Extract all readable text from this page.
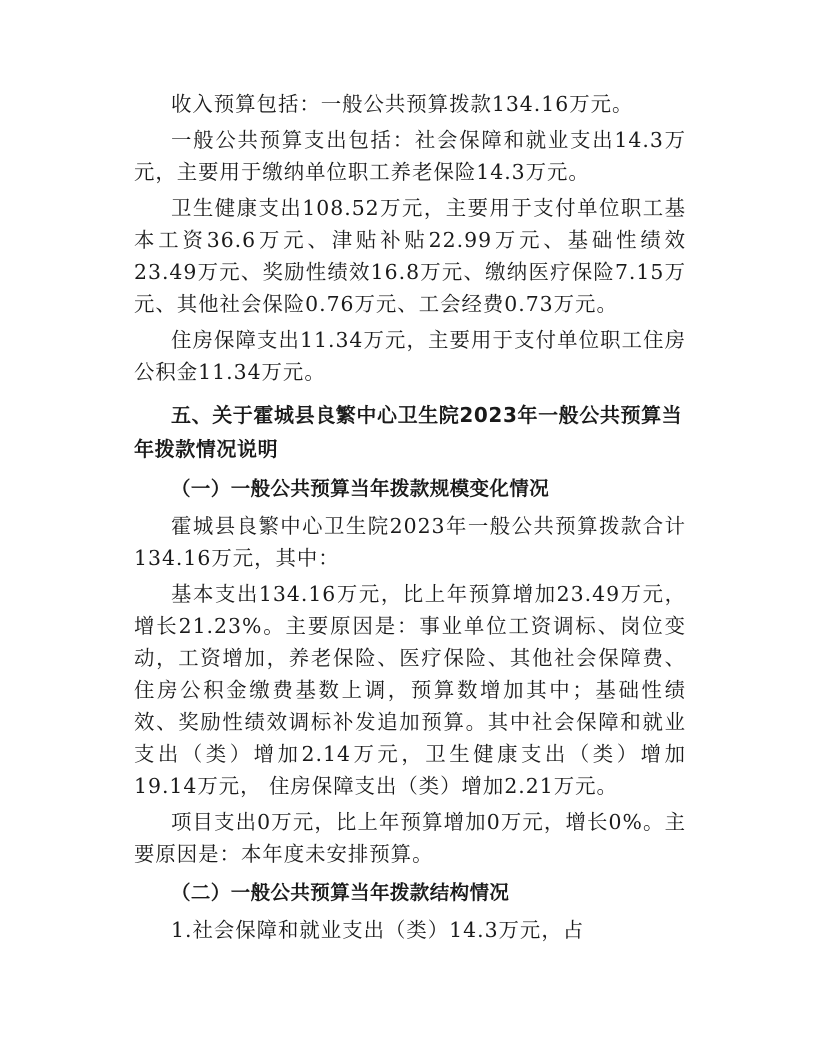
收入预算包括：一般公共预算拨款134.16万元。

一般公共预算支出包括：社会保障和就业支出14.3万元，主要用于缴纳单位职工养老保险14.3万元。

卫生健康支出108.52万元，主要用于支付单位职工基本工资36.6万元、津贴补贴22.99万元、基础性绩效23.49万元、奖励性绩效16.8万元、缴纳医疗保险7.15万元、其他社会保险0.76万元、工会经费0.73万元。

住房保障支出11.34万元，主要用于支付单位职工住房公积金11.34万元。

五、关于霍城县良繁中心卫生院2023年一般公共预算当年拨款情况说明
（一）一般公共预算当年拨款规模变化情况

霍城县良繁中心卫生院2023年一般公共预算拨款合计134.16万元，其中：

基本支出134.16万元，比上年预算增加23.49万元，增长21.23%。主要原因是：事业单位工资调标、岗位变动，工资增加，养老保险、医疗保险、其他社会保障费、住房公积金缴费基数上调，预算数增加其中；基础性绩效、奖励性绩效调标补发追加预算。其中社会保障和就业支出（类）增加2.14万元，卫生健康支出（类）增加19.14万元， 住房保障支出（类）增加2.21万元。

项目支出0万元，比上年预算增加0万元，增长0%。主要原因是：本年度未安排预算。

（二）一般公共预算当年拨款结构情况

1.社会保障和就业支出（类）14.3万元，占
